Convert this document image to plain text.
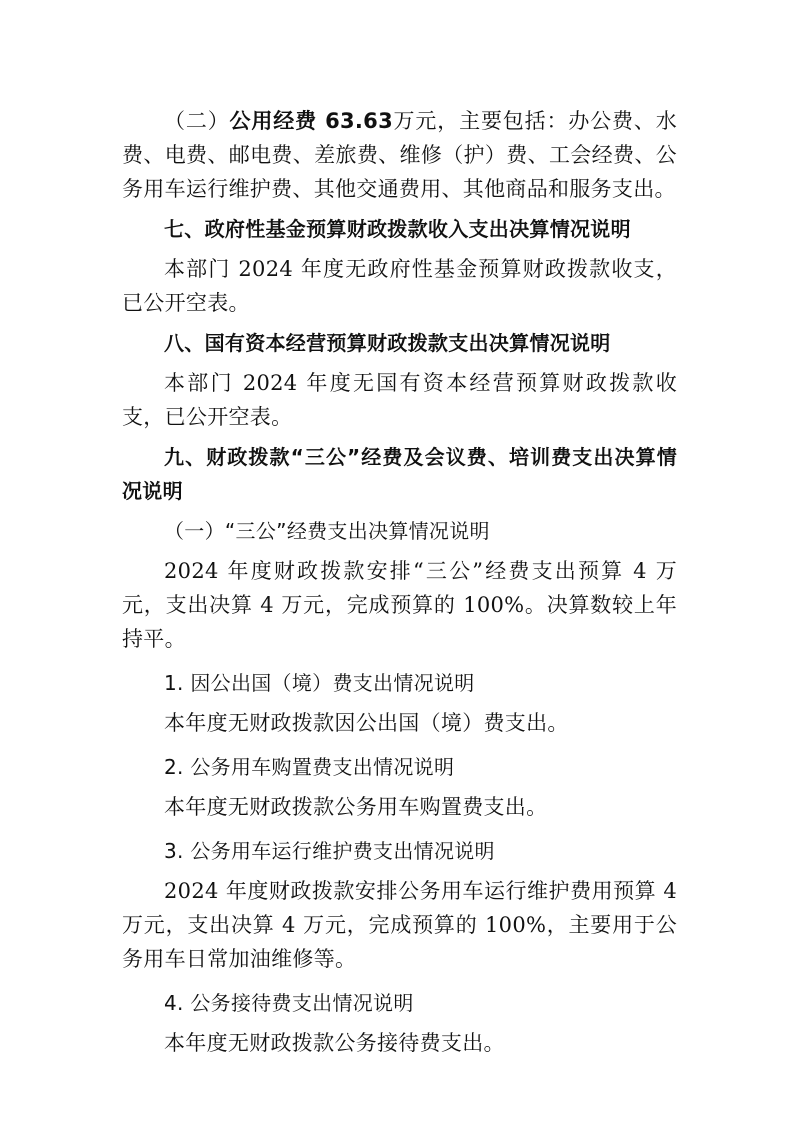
（二）公用经费 63.63万元，主要包括：办公费、水费、电费、邮电费、差旅费、维修（护）费、工会经费、公务用车运行维护费、其他交通费用、其他商品和服务支出。

七、政府性基金预算财政拨款收入支出决算情况说明

本部门 2024 年度无政府性基金预算财政拨款收支，已公开空表。

八、国有资本经营预算财政拨款支出决算情况说明

本部门 2024 年度无国有资本经营预算财政拨款收支，已公开空表。

九、财政拨款“三公”经费及会议费、培训费支出决算情况说明

（一）“三公”经费支出决算情况说明

2024 年度财政拨款安排“三公”经费支出预算 4 万元，支出决算 4 万元，完成预算的 100%。决算数较上年持平。

1. 因公出国（境）费支出情况说明

本年度无财政拨款因公出国（境）费支出。

2. 公务用车购置费支出情况说明

本年度无财政拨款公务用车购置费支出。

3. 公务用车运行维护费支出情况说明

2024 年度财政拨款安排公务用车运行维护费用预算 4 万元，支出决算 4 万元，完成预算的 100%，主要用于公务用车日常加油维修等。

4. 公务接待费支出情况说明

本年度无财政拨款公务接待费支出。
